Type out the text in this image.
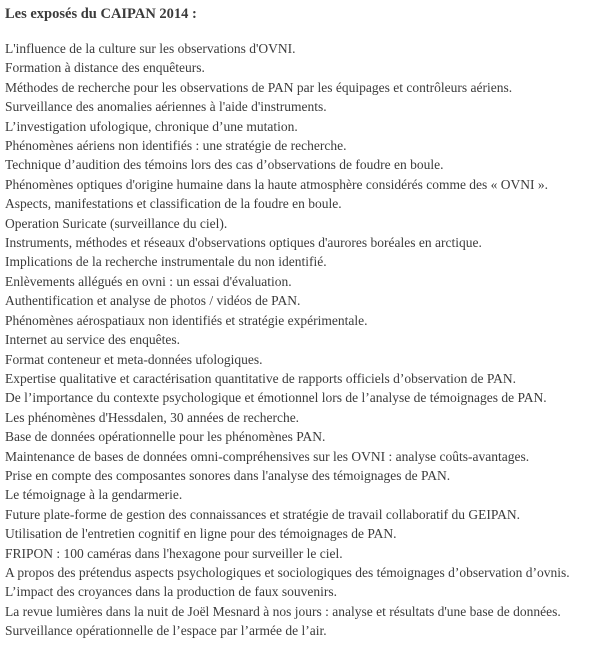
Les exposés du CAIPAN 2014 :

L'influence de la culture sur les observations d'OVNI.
Formation à distance des enquêteurs.
Méthodes de recherche pour les observations de PAN par les équipages et contrôleurs aériens.
Surveillance des anomalies aériennes à l'aide d'instruments.
L’investigation ufologique, chronique d’une mutation.
Phénomènes aériens non identifiés : une stratégie de recherche.
Technique d’audition des témoins lors des cas d’observations de foudre en boule.
Phénomènes optiques d'origine humaine dans la haute atmosphère considérés comme des « OVNI ».
Aspects, manifestations et classification de la foudre en boule.
Operation Suricate (surveillance du ciel).
Instruments, méthodes et réseaux d'observations optiques d'aurores boréales en arctique.
Implications de la recherche instrumentale du non identifié.
Enlèvements allégués en ovni : un essai d'évaluation.
Authentification et analyse de photos / vidéos de PAN.
Phénomènes aérospatiaux non identifiés et stratégie expérimentale.
Internet au service des enquêtes.
Format conteneur et meta-données ufologiques.
Expertise qualitative et caractérisation quantitative de rapports officiels d’observation de PAN.
De l’importance du contexte psychologique et émotionnel lors de l’analyse de témoignages de PAN.
Les phénomènes d'Hessdalen, 30 années de recherche.
Base de données opérationnelle pour les phénomènes PAN.
Maintenance de bases de données omni-compréhensives sur les OVNI : analyse coûts-avantages.
Prise en compte des composantes sonores dans l'analyse des témoignages de PAN.
Le témoignage à la gendarmerie.
Future plate-forme de gestion des connaissances et stratégie de travail collaboratif du GEIPAN.
Utilisation de l'entretien cognitif en ligne pour des témoignages de PAN.
FRIPON : 100 caméras dans l'hexagone pour surveiller le ciel.
A propos des prétendus aspects psychologiques et sociologiques des témoignages d’observation d’ovnis.
L’impact des croyances dans la production de faux souvenirs.
La revue lumières dans la nuit de Joël Mesnard à nos jours : analyse et résultats d'une base de données.
Surveillance opérationnelle de l’espace par l’armée de l’air.
